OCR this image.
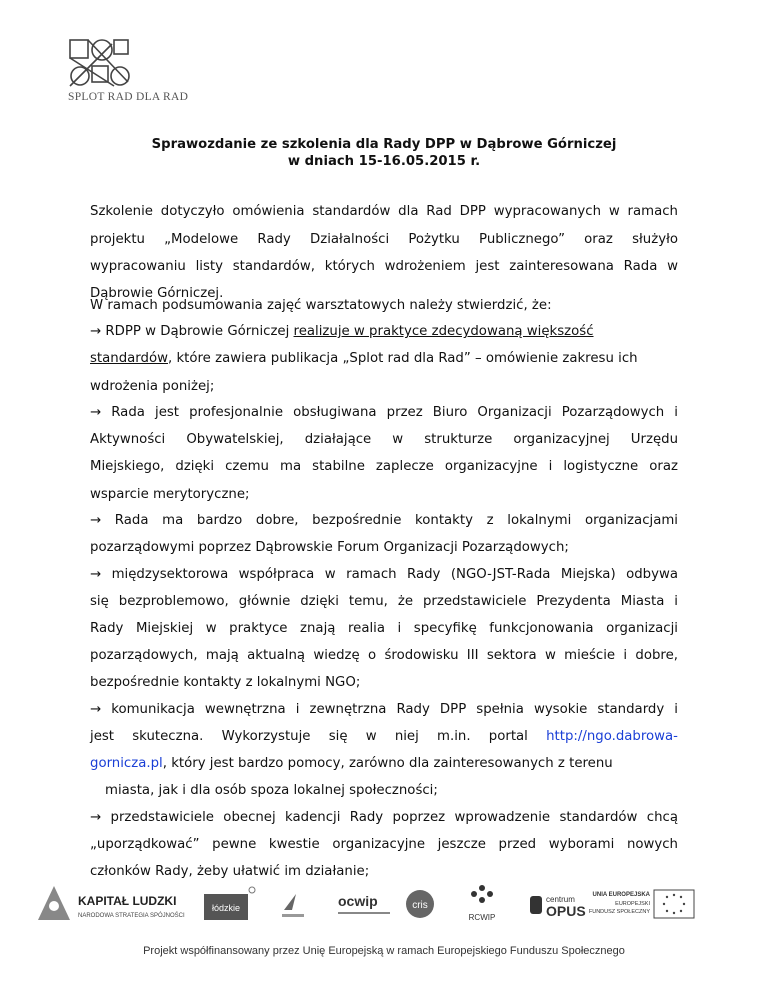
SPLOT RAD DLA RAD
Sprawozdanie ze szkolenia dla Rady DPP w Dąbrowe Górniczej
w dniach 15-16.05.2015 r.
Szkolenie dotyczyło omówienia standardów dla Rad DPP wypracowanych w ramach
projektu „Modelowe Rady Działalności Pożytku Publicznego” oraz służyło
wypracowaniu listy standardów, których wdrożeniem jest zainteresowana Rada w
Dąbrowie Górniczej.
W ramach podsumowania zajęć warsztatowych należy stwierdzić, że:
→ RDPP w Dąbrowie Górniczej realizuje w praktyce zdecydowaną większość
standardów, które zawiera publikacja „Splot rad dla Rad” – omówienie zakresu ich
wdrożenia poniżej;
→ Rada jest profesjonalnie obsługiwana przez Biuro Organizacji Pozarządowych i
Aktywności Obywatelskiej, działające w strukturze organizacyjnej Urzędu
Miejskiego, dzięki czemu ma stabilne zaplecze organizacyjne i logistyczne oraz
wsparcie merytoryczne;
→ Rada ma bardzo dobre, bezpośrednie kontakty z lokalnymi organizacjami
pozarządowymi poprzez Dąbrowskie Forum Organizacji Pozarządowych;
→ międzysektorowa współpraca w ramach Rady (NGO-JST-Rada Miejska) odbywa
się bezproblemowo, głównie dzięki temu, że przedstawiciele Prezydenta Miasta i
Rady Miejskiej w praktyce znają realia i specyfikę funkcjonowania organizacji
pozarządowych, mają aktualną wiedzę o środowisku III sektora w mieście i dobre,
bezpośrednie kontakty z lokalnymi NGO;
→ komunikacja wewnętrzna i zewnętrzna Rady DPP spełnia wysokie standardy i
jest skuteczna. Wykorzystuje się w niej m.in. portal http://ngo.dabrowa-
gornicza.pl, który jest bardzo pomocy, zarówno dla zainteresowanych z terenu
miasta, jak i dla osób spoza lokalnej społeczności;
→ przedstawiciele obecnej kadencji Rady poprzez wprowadzenie standardów chcą
„uporządkować” pewne kwestie organizacyjne jeszcze przed wyborami nowych
członków Rady, żeby ułatwić im działanie;
KAPITAŁ LUDZKI
NARODOWA STRATEGIA SPÓJNOŚCI
łódzkie	ocwip	cris
RCWIP
centrum
OPUS
UNIA EUROPEJSKA
EUROPEJSKI
FUNDUSZ SPOŁECZNY
Projekt współfinansowany przez Unię Europejską w ramach Europejskiego Funduszu Społecznego
